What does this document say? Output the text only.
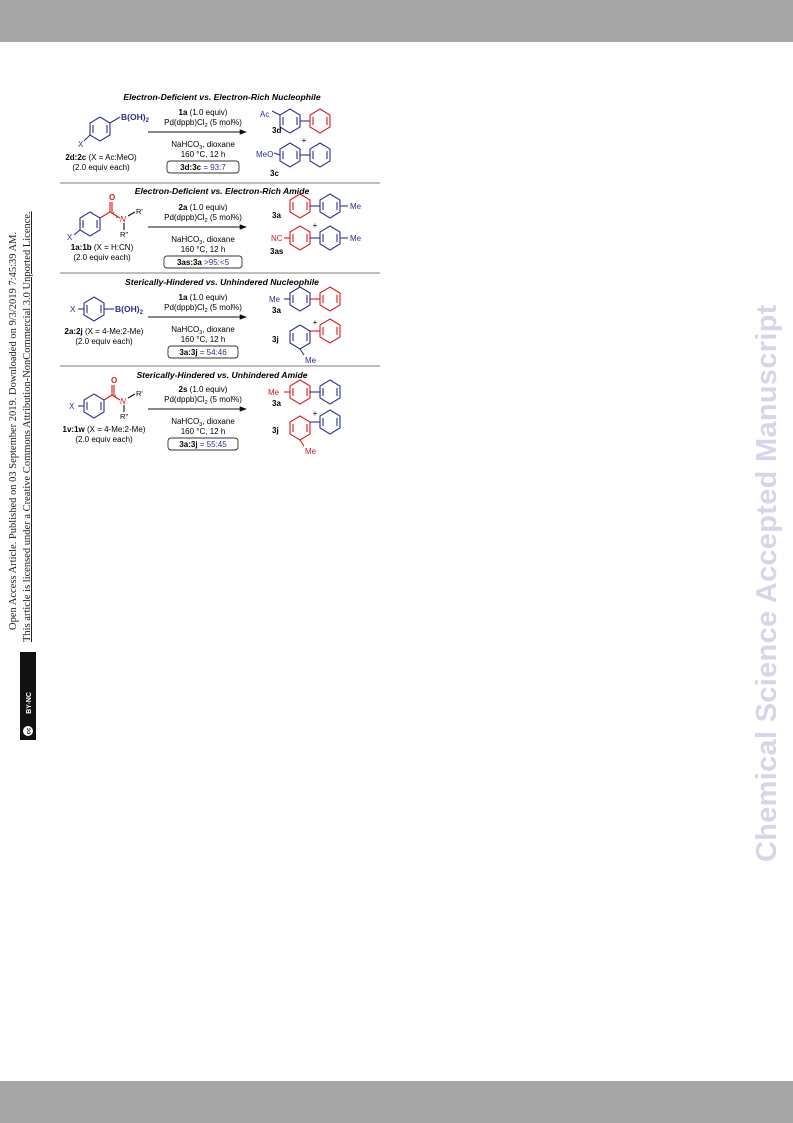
Open Access Article. Published on 03 September 2019. Downloaded on 9/3/2019 7:45:39 AM. This article is licensed under a Creative Commons Attribution-NonCommercial 3.0 Unported Licence.
cc
BY-NC	Chemical Science Accepted Manuscript
Electron-Deficient vs. Electron-Rich Nucleophile
$B(OH)_2$
X
2d:2c (X = Ac:MeO)
(2.0 equiv each)
1a (1.0 equiv)
$Pd(dppb)Cl_2$ (5 mol%)
NaHCO$_3$, dioxane
160 °C, 12 h
3d:3c = 93:7
Ac
3d
+
MeO
3c
Electron-Deficient vs. Electron-Rich Amide
O
N
R'
R''
X
1a:1b (X = H:CN)
(2.0 equiv each)
2a (1.0 equiv)
$Pd(dppb)Cl_2$ (5 mol%)
NaHCO$_3$, dioxane
160 °C, 12 h
3as:3a >95:<5
3a
Me
+
NC	Me
3as
Sterically-Hindered vs. Unhindered Nucleophile
$B(OH)_2$
X
2a:2j (X = 4-Me:2-Me)
(2.0 equiv each)
1a (1.0 equiv)
$Pd(dppb)Cl_2$ (5 mol%)
NaHCO$_3$, dioxane
160 °C, 12 h
3a:3j = 54:46
Me
3a
+
Me
3j
Sterically-Hindered vs. Unhindered Amide
O
N
R'
R''
X
1v:1w (X = 4-Me:2-Me)
(2.0 equiv each)
2s (1.0 equiv)
$Pd(dppb)Cl_2$ (5 mol%)
NaHCO$_3$, dioxane
160 °C, 12 h
3a:3j = 55:45
Me
3a
+
Me
3j
